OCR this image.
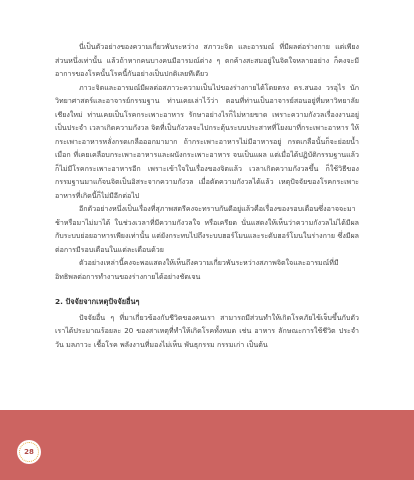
นี่เป็นตัวอย่างของความเกี่ยวพันระหว่าง สภาวะจิต และอารมณ์ ที่มีผลต่อร่างกาย แต่เพียงส่วนหนึ่งเท่านั้น แล้วถ้าหากคนบางคนมีอารมณ์ต่าง ๆ ตกค้างสะสมอยู่ในจิตใจหลายอย่าง ก็คงจะมีอาการของโรคนั้นโรคนี้กันอย่างเป็นปกติเลยทีเดียว

ภาวะจิตและอารมณ์มีผลต่อสภาวะความเป็นไปของร่างกายได้โดยตรง ดร.สนอง วรอุไร นักวิทยาศาสตร์และอาจารย์กรรมฐาน ท่านเคยเล่าไว้ว่า ตอนที่ท่านเป็นอาจารย์สอนอยู่ที่มหาวิทยาลัยเชียงใหม่ ท่านเคยเป็นโรคกระเพาะอาหาร รักษาอย่างไรก็ไม่หายขาด เพราะความกังวลเรื่องงานอยู่เป็นประจำ เวลาเกิดความกังวล จิตที่เป็นกังวลจะไปกระตุ้นระบบประสาทที่โยงมาที่กระเพาะอาหาร ให้กระเพาะอาหารหลั่งกรดเกลือออกมามาก ถ้ากระเพาะอาหารไม่มีอาหารอยู่ กรดเกลือนั้นก็จะย่อยน้ำเมือก ที่เคยเคลือบกระเพาะอาหารและผนังกระเพาะอาหาร จนเป็นแผล แต่เมื่อได้ปฏิบัติกรรมฐานแล้ว ก็ไม่มีโรคกระเพาะอาหารอีก เพราะเข้าใจในเรื่องของจิตแล้ว เวลาเกิดความกังวลขึ้น ก็ใช้วิธีของกรรมฐานมาแก้จนจิตเป็นอิสระจากความกังวล เมื่อตัดความกังวลได้แล้ว เหตุปัจจัยของโรคกระเพาะอาหารที่เกิดนี้ก็ไม่มีอีกต่อไป

อีกตัวอย่างหนึ่งเป็นเรื่องที่สุภาพสตรีคงจะทราบกันดีอยู่แล้วคือเรื่องของรอบเดือนซึ่งอาจจะมาช้าหรือมาไม่มาได้ ในช่วงเวลาที่มีความกังวลใจ หรือเครียด นั่นแสดงให้เห็นว่าความกังวลไม่ได้มีผลกับระบบย่อยอาหารเพียงเท่านั้น แต่ยังกระทบไปถึงระบบฮอร์โมนและระดับฮอร์โมนในร่างกาย ซึ่งมีผลต่อการมีรอบเดือนในแต่ละเดือนด้วย

ตัวอย่างเหล่านี้คงจะพอแสดงให้เห็นถึงความเกี่ยวพันระหว่างสภาพจิตใจและอารมณ์ที่มีอิทธิพลต่อการทำงานของร่างกายได้อย่างชัดเจน

2. ปัจจัยจากเหตุปัจจัยอื่นๆ

ปัจจัยอื่น ๆ ที่มาเกี่ยวข้องกับชีวิตของคนเรา สามารถมีส่วนทำให้เกิดโรคภัยไข้เจ็บขึ้นกับตัวเราได้ประมาณร้อยละ 20 ของสาเหตุที่ทำให้เกิดโรคทั้งหมด เช่น อาหาร ลักษณะการใช้ชีวิต ประจำวัน มลภาวะ เชื้อโรค พลังงานที่มองไม่เห็น พันธุกรรม กรรมเก่า เป็นต้น

28
